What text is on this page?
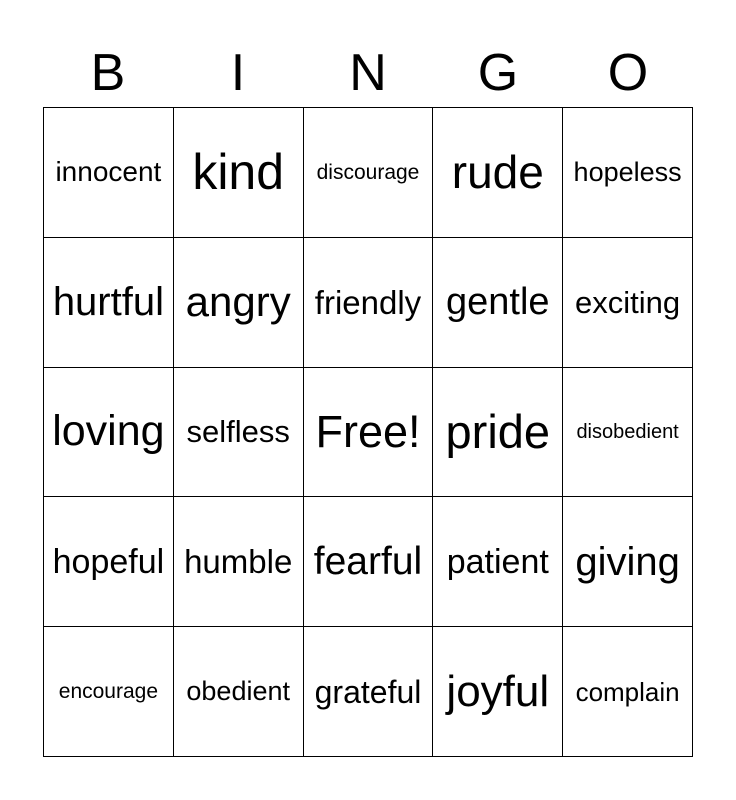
B	I	N	G	O
innocent kind discourage rude hopeless
hurtful angry friendly gentle exciting
loving selfless Free! pride disobedient
hopeful humble fearful patient giving
encourage obedient grateful joyful complain
